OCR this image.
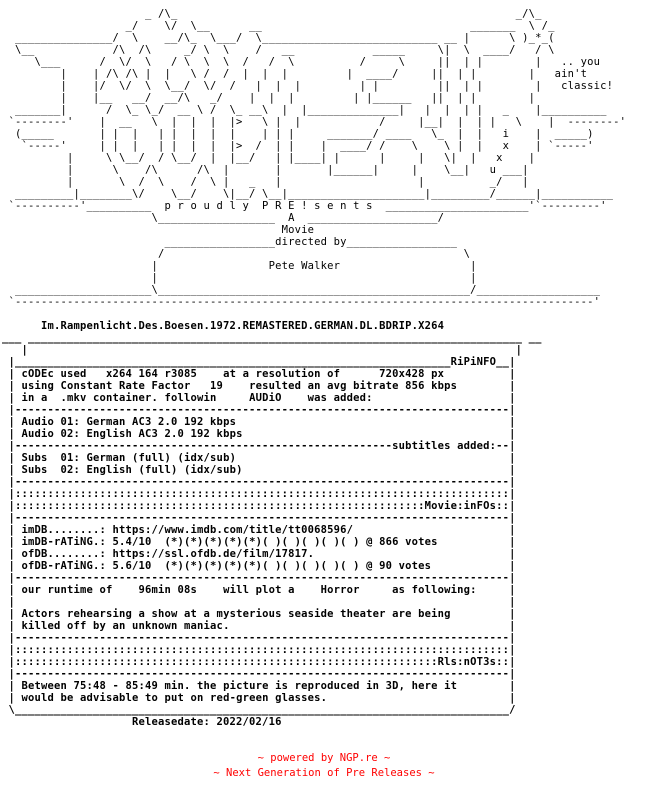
_ /\_                                                    _/\_
_/    \/  \__      __                                _______  \ /_
_______________/  \    __/\_  \___/  \___________________________ __ |      \ )_*_(
\__            /\  /\     _/ \  \    /   __            _____     \|  \  ____/   / \
\___      /  \/  \   / \  \  \  /   /  \          /     \     ||  | |        |   .. you
|    | /\ /\ |  |   \ /  /  |  |  |         |  ____/     ||  | |        |   ain't
|    |/  \/  \  \__/  \/  /   |  |  |         | |         ||  | |        |   classic!
|    |__   __/  __/\   _/    |  |  |         | |______   ||  | |        |
_______|      /  \_ \_/  __ \ /  \_ __\  |  |______________|   |  |  | |   _    |__________
`--------'    |  __   \  |  |  |  |>   \ |  |            /     |__|  |  | |   \    |  --------'
(_____       | |  |   | |  |  |  |    | | |     _______/ ____   \_  |  |   i    |  _____)
`-----'     | |  |   | |  |  |  |>  /  | |    |  ____/ /    \    \ |  |   x    | `-----'
|     \ \__/  / \__/  |  |__/   | |____| |      |     |   \|  |   x    |
|      \    /\      /\  |       |       |______|     |    \__|   u ___|
|       \  /  \    /  \ |   _   |                     |          _/   |
_________|________\/    \__/    \|__/ \__|_____________________|_________/______|___________
`----------'__________  p r o u d l y  P R E ! s e n t s  ______________________'`---------'
\__________________  A  ____________________/
Movie
_________________directed by_________________
/                                              \
|                 Pete Walker                    |
|                                                |
_____________________\________________________________________________/___________________
`-----------------------------------------------------------------------------------------'

Im.Rampenlicht.Des.Boesen.1972.REMASTERED.GERMAN.DL.BDRIP.X264
___ ____________________________________________________________________________ __
|                                                                           |
|___________________________________________________________________RiPiNFO__|
| cODEc used   x264 164 r3085    at a resolution of      720x428 px          |
| using Constant Rate Factor   19    resulted an avg bitrate 856 kbps        |
| in a  .mkv container. followin     AUDiO    was added:                     |
|----------------------------------------------------------------------------|
| Audio 01: German AC3 2.0 192 kbps                                          |
| Audio 02: English AC3 2.0 192 kbps                                         |
|----------------------------------------------------------subtitles added:--|
| Subs  01: German (full) (idx/sub)                                          |
| Subs  02: English (full) (idx/sub)                                         |
|----------------------------------------------------------------------------|
|::::::::::::::::::::::::::::::::::::::::::::::::::::::::::::::::::::::::::::|
|:::::::::::::::::::::::::::::::::::::::::::::::::::::::::::::::Movie:inFOs::|
|----------------------------------------------------------------------------|
| imDB........: https://www.imdb.com/title/tt0068596/                        |
| imDB-rATiNG.: 5.4/10  (*)(*)(*)(*)(*)( )( )( )( )( ) @ 866 votes           |
| ofDB........: https://ssl.ofdb.de/film/17817.                              |
| ofDB-rATiNG.: 5.6/10  (*)(*)(*)(*)(*)( )( )( )( )( ) @ 90 votes            |
|----------------------------------------------------------------------------|
| our runtime of    96min 08s    will plot a    Horror     as following:     |
|                                                                            |
| Actors rehearsing a show at a mysterious seaside theater are being         |
| killed off by an unknown maniac.                                           |
|----------------------------------------------------------------------------|
|::::::::::::::::::::::::::::::::::::::::::::::::::::::::::::::::::::::::::::|
|:::::::::::::::::::::::::::::::::::::::::::::::::::::::::::::::::Rls:nOT3s::|
|----------------------------------------------------------------------------|
| Between 75:48 - 85:49 min. the picture is reproduced in 3D, here it        |
| would be advisable to put on red-green glasses.                            |
\____________________________________________________________________________/
Releasedate: 2022/02/16

~ powered by NGP.re ~
~ Next Generation of Pre Releases ~
